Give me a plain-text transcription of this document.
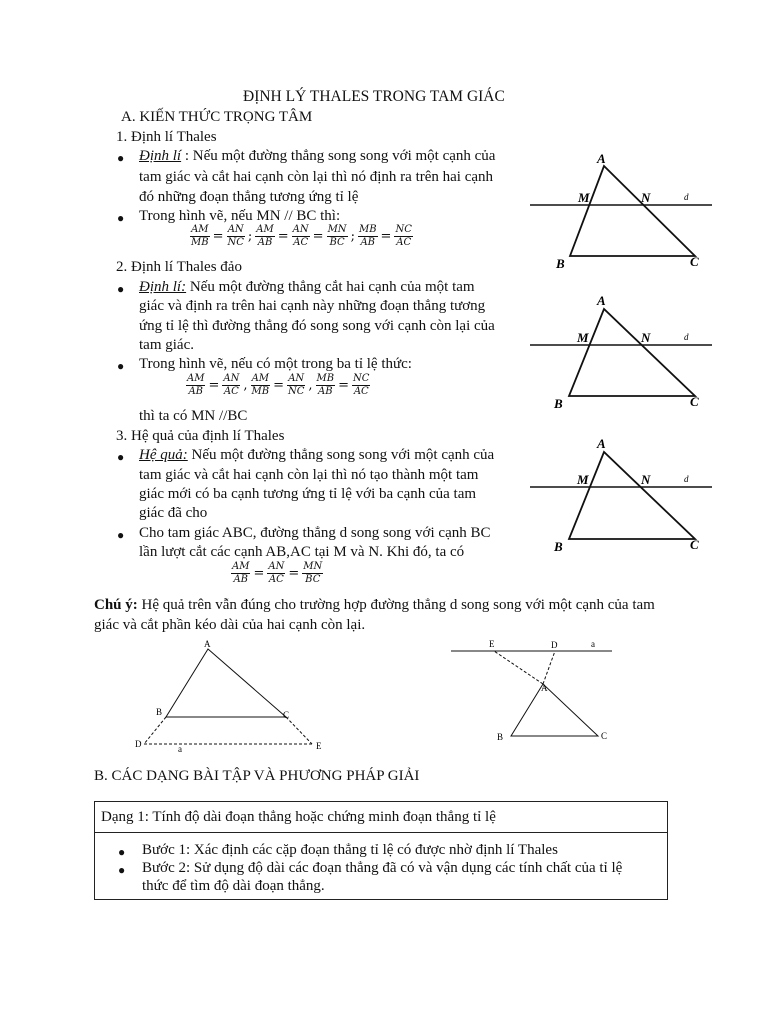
ĐỊNH LÝ THALES TRONG TAM GIÁC
A. KIẾN THỨC TRỌNG TÂM
1. Định lí Thales
● Định lí : Nếu một đường thẳng song song với một cạnh của
tam giác và cắt hai cạnh còn lại thì nó định ra trên hai cạnh
đó những đoạn thẳng tương ứng tỉ lệ
● Trong hình vẽ, nếu MN // BC thì:
$\frac{AM}{MB} = \frac{AN}{NC}$ ; $\frac{AM}{AB} = \frac{AN}{AC} = \frac{MN}{BC}$ ; $\frac{MB}{AB} = \frac{NC}{AC}$
2. Định lí Thales đảo
● Định lí: Nếu một đường thẳng cắt hai cạnh của một tam
giác và định ra trên hai cạnh này những đoạn thẳng tương
ứng tỉ lệ thì đường thẳng đó song song với cạnh còn lại của
tam giác.
● Trong hình vẽ, nếu có một trong ba tỉ lệ thức:
$\frac{AM}{AB} = \frac{AN}{AC}$ , $\frac{AM}{MB} = \frac{AN}{NC}$ , $\frac{MB}{AB} = \frac{NC}{AC}$
thì ta có MN //BC
3. Hệ quả của định lí Thales
● Hệ quả: Nếu một đường thẳng song song với một cạnh của
tam giác và cắt hai cạnh còn lại thì nó tạo thành một tam
giác mới có ba cạnh tương ứng tỉ lệ với ba cạnh của tam
giác đã cho
● Cho tam giác ABC, đường thẳng d song song với cạnh BC
lần lượt cắt các cạnh AB,AC tại M và N. Khi đó, ta có
$\frac{AM}{AB} = \frac{AN}{AC} = \frac{MN}{BC}$
Chú ý: Hệ quả trên vẫn đúng cho trường hợp đường thẳng d song song với một cạnh của tam
giác và cắt phần kéo dài của hai cạnh còn lại.
A
M	N	d
B	C
A
M	N	d
B	C
A
M	N	d
B	C
A
B	C
D	E
a
E	D	a
A
B	C
B. CÁC DẠNG BÀI TẬP VÀ PHƯƠNG PHÁP GIẢI
Dạng 1: Tính độ dài đoạn thẳng hoặc chứng minh đoạn thẳng tỉ lệ
● Bước 1: Xác định các cặp đoạn thẳng tỉ lệ có được nhờ định lí Thales
● Bước 2: Sử dụng độ dài các đoạn thẳng đã có và vận dụng các tính chất của tỉ lệ
thức để tìm độ dài đoạn thẳng.
